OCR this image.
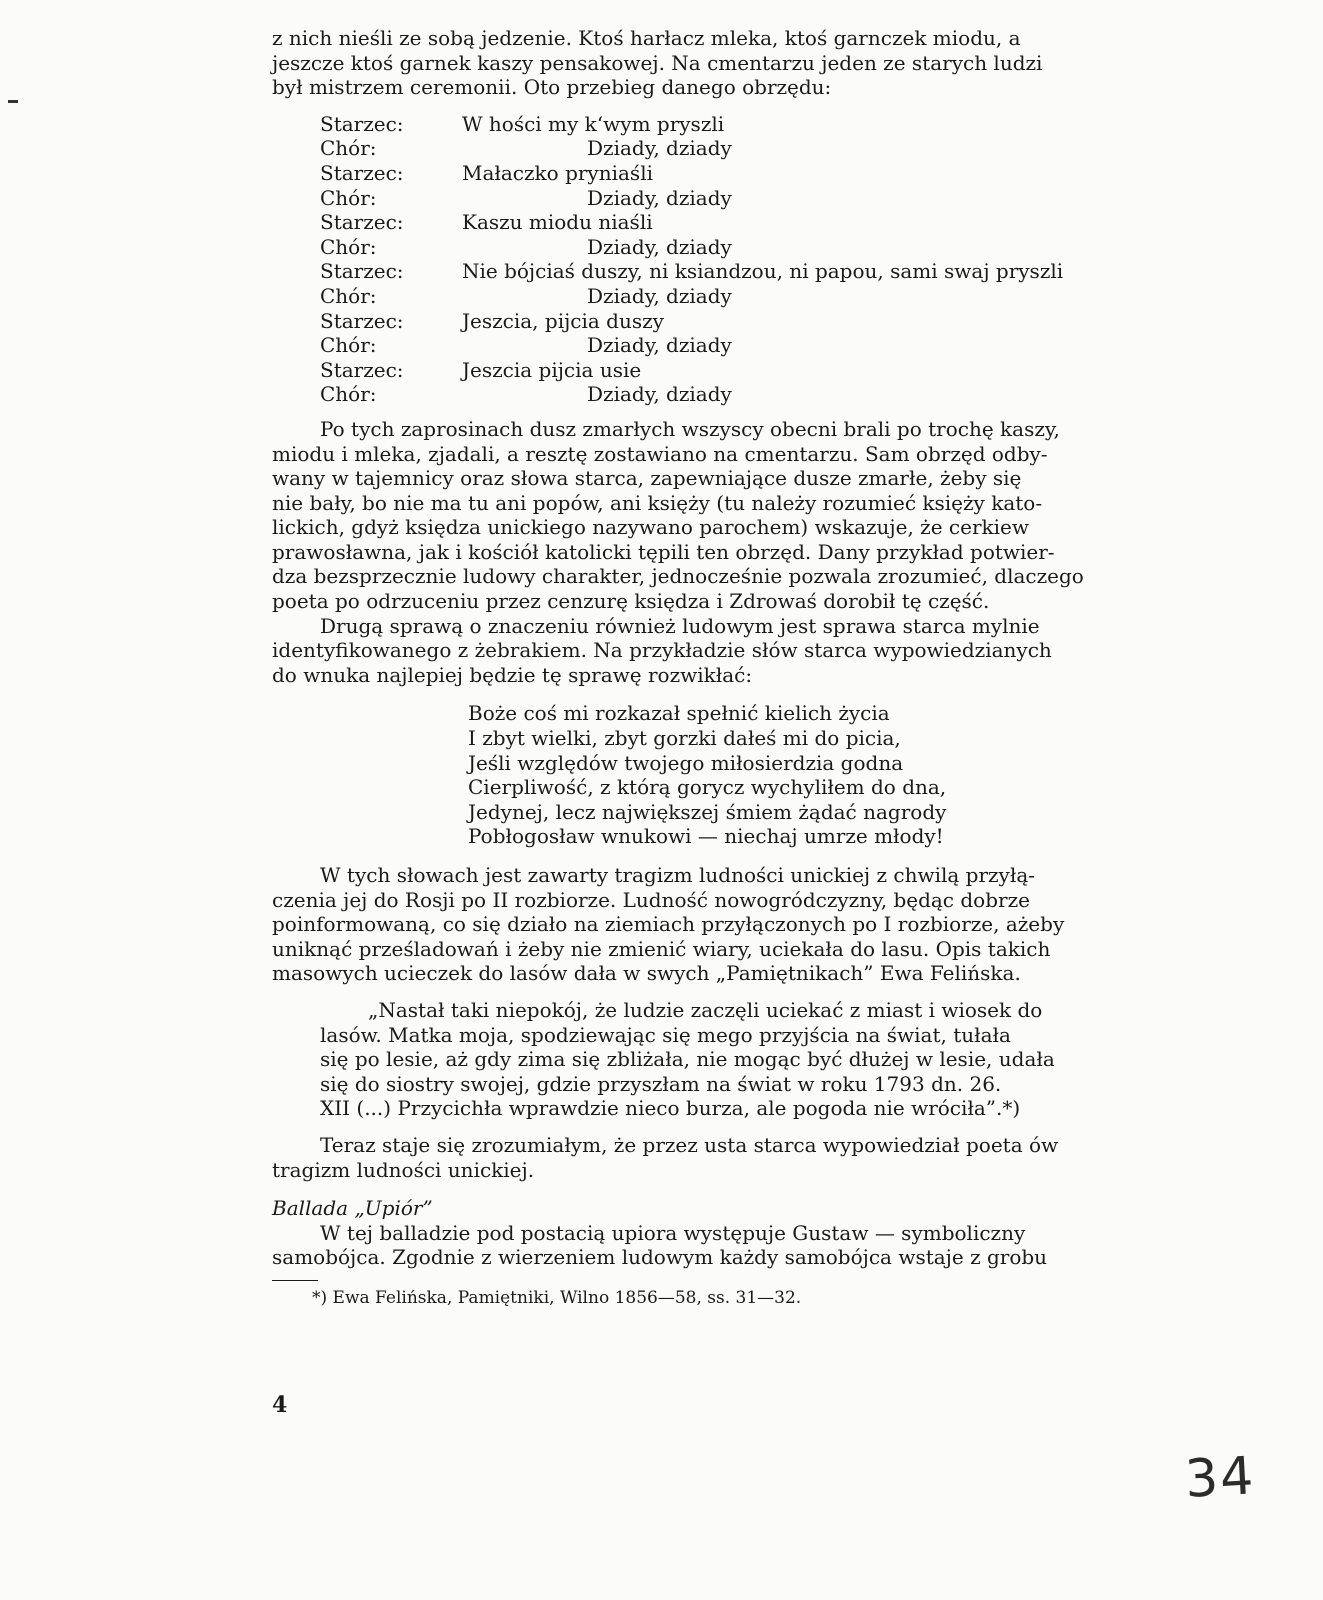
z nich nieśli ze sobą jedzenie. Ktoś harłacz mleka, ktoś garnczek miodu, a
jeszcze ktoś garnek kaszy pensakowej. Na cmentarzu jeden ze starych ludzi
był mistrzem ceremonii. Oto przebieg danego obrzędu:
Starzec:	W hości my k‘wym pryszli
Chór:	Dziady, dziady
Starzec:	Małaczko pryniaśli
Chór:	Dziady, dziady
Starzec:	Kaszu miodu niaśli
Chór:	Dziady, dziady
Starzec:	Nie bójciaś duszy, ni ksiandzou, ni papou, sami swaj pryszli
Chór:	Dziady, dziady
Starzec:	Jeszcia, pijcia duszy
Chór:	Dziady, dziady
Starzec:	Jeszcia pijcia usie
Chór:	Dziady, dziady
Po tych zaprosinach dusz zmarłych wszyscy obecni brali po trochę kaszy,
miodu i mleka, zjadali, a resztę zostawiano na cmentarzu. Sam obrzęd odby-
wany w tajemnicy oraz słowa starca, zapewniające dusze zmarłe, żeby się
nie bały, bo nie ma tu ani popów, ani księży (tu należy rozumieć księży kato-
lickich, gdyż księdza unickiego nazywano parochem) wskazuje, że cerkiew
prawosławna, jak i kościół katolicki tępili ten obrzęd. Dany przykład potwier-
dza bezsprzecznie ludowy charakter, jednocześnie pozwala zrozumieć, dlaczego
poeta po odrzuceniu przez cenzurę księdza i Zdrowaś dorobił tę część.
Drugą sprawą o znaczeniu również ludowym jest sprawa starca mylnie
identyfikowanego z żebrakiem. Na przykładzie słów starca wypowiedzianych
do wnuka najlepiej będzie tę sprawę rozwikłać:
Boże coś mi rozkazał spełnić kielich życia
I zbyt wielki, zbyt gorzki dałeś mi do picia,
Jeśli względów twojego miłosierdzia godna
Cierpliwość, z którą gorycz wychyliłem do dna,
Jedynej, lecz największej śmiem żądać nagrody
Pobłogosław wnukowi — niechaj umrze młody!
W tych słowach jest zawarty tragizm ludności unickiej z chwilą przyłą-
czenia jej do Rosji po II rozbiorze. Ludność nowogródczyzny, będąc dobrze
poinformowaną, co się działo na ziemiach przyłączonych po I rozbiorze, ażeby
uniknąć prześladowań i żeby nie zmienić wiary, uciekała do lasu. Opis takich
masowych ucieczek do lasów dała w swych „Pamiętnikach” Ewa Felińska.
„Nastał taki niepokój, że ludzie zaczęli uciekać z miast i wiosek do
lasów. Matka moja, spodziewając się mego przyjścia na świat, tułała
się po lesie, aż gdy zima się zbliżała, nie mogąc być dłużej w lesie, udała
się do siostry swojej, gdzie przyszłam na świat w roku 1793 dn. 26.
XII (...) Przycichła wprawdzie nieco burza, ale pogoda nie wróciła”.*)
Teraz staje się zrozumiałym, że przez usta starca wypowiedział poeta ów
tragizm ludności unickiej.
Ballada „Upiór”
W tej balladzie pod postacią upiora występuje Gustaw — symboliczny
samobójca. Zgodnie z wierzeniem ludowym każdy samobójca wstaje z grobu

*) Ewa Felińska, Pamiętniki, Wilno 1856—58, ss. 31—32.

4
34
